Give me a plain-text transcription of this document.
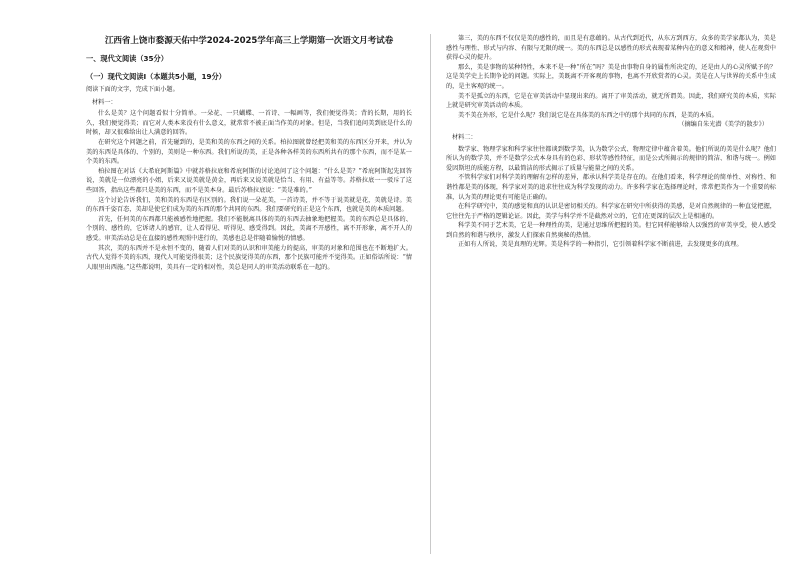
江西省上饶市婺源天佑中学2024-2025学年高三上学期第一次语文月考试卷
一、现代文阅读（35分）
（一）现代文阅读Ⅰ（本题共5小题，19分）

阅读下面的文字，完成下面小题。

材料一：

什么是美？这个问题看似十分简单。一朵花、一只蝴蝶、一首诗、一幅画等，我们便觉得美；背的长期，用的长久，我们便觉得美；而它对人类本来没有什么意义，就常常不被正面当作美的对象。但是，当我们追问美到底是什么的时候，却又很难给出让人满意的回答。

在研究这个问题之前，首先碰到的，是美和美的东西之间的关系。柏拉图就曾经把美和美的东西区分开来，并认为美的东西是具体的、个别的，美则是一种东西。我们所说的美，正是各种各样美的东西所共有的那个东西，而不是某一个美的东西。

柏拉图在对话《大希庇阿斯篇》中就苏格拉底和希庇阿斯的讨论追问了这个问题：“什么是美？”希庇阿斯起先回答说，美就是一位漂亮的小姐，后来又说美就是黄金，再后来又说美就是恰当、有用、有益等等。苏格拉底一一驳斥了这些回答，指出这些都只是美的东西，而不是美本身。最后苏格拉底说：“美是难的。”

这个讨论告诉我们，美和美的东西是有区别的。我们说一朵花美，一首诗美，并不等于说美就是花，美就是诗。美的东西千姿百态，美却是使它们成为美的东西的那个共同的东西。我们要研究的正是这个东西，也就是美的本质问题。

首先，任何美的东西都只能被感性地把握。我们不能脱离具体的美的东西去抽象地把握美。美的东西总是具体的、个别的、感性的，它诉诸人的感官，让人看得见、听得见、感受得到。因此，美离不开感性，离不开形象，离不开人的感受。审美活动总是在直接的感性观照中进行的，美感也总是伴随着愉悦的情感。

其次，美的东西并不是永恒不变的，随着人们对美的认识和审美能力的提高，审美的对象和范围也在不断地扩大。古代人觉得不美的东西，现代人可能觉得很美；这个民族觉得美的东西，那个民族可能并不觉得美。正如俗话所说：“情人眼里出西施。”这些都说明，美具有一定的相对性，美总是同人的审美活动联系在一起的。

第三，美的东西不仅仅是美的感性的，而且是有意蕴的。从古代到近代，从东方到西方，众多的美学家都认为，美是感性与理性、形式与内容、有限与无限的统一。美的东西总是以感性的形式表现着某种内在的意义和精神，使人在观赏中获得心灵的提升。

那么，美是事物的某种特性，本来不是一种“所在”吗？美是由事物自身的属性所决定的，还是由人的心灵所赋予的？这是美学史上长期争论的问题。实际上，美既离不开客观的事物，也离不开欣赏者的心灵。美是在人与世界的关系中生成的，是主客观的统一。

美不是孤立的东西，它是在审美活动中显现出来的。离开了审美活动，就无所谓美。因此，我们研究美的本质，实际上就是研究审美活动的本质。

美不美在外形，它是什么呢？我们说它是在具体美的东西之中的那个共同的东西，是美的本质。

（摘编自朱光潜《美学的散步》）
材料二：

数学家、物理学家和科学家往往都谈到数学美，认为数学公式、物理定律中蕴含着美。他们所说的美是什么呢？他们所认为的数学美，并不是数学公式本身具有的色彩、形状等感性特征，而是公式所揭示的规律的简洁、和谐与统一。例如爱因斯坦的质能方程，以最简洁的形式揭示了质量与能量之间的关系。

不管科学家们对科学美的理解有怎样的差异，都承认科学美是存在的。在他们看来，科学理论的简单性、对称性、和谐性都是美的体现，科学家对美的追求往往成为科学发现的动力。许多科学家在选择理论时，常常把美作为一个重要的标准，认为美的理论更有可能是正确的。

在科学研究中，美的感觉和真的认识是密切相关的。科学家在研究中所获得的美感，是对自然规律的一种直觉把握，它往往先于严格的逻辑论证。因此，美学与科学并不是截然对立的，它们在更深的层次上是相通的。

科学美不同于艺术美，它是一种理性的美，是通过思维所把握的美。但它同样能够给人以强烈的审美享受，使人感受到自然的和谐与秩序，激发人们探索自然奥秘的热情。

正如有人所说，美是真理的光辉。美是科学的一种指引，它引领着科学家不断前进，去发现更多的真理。
